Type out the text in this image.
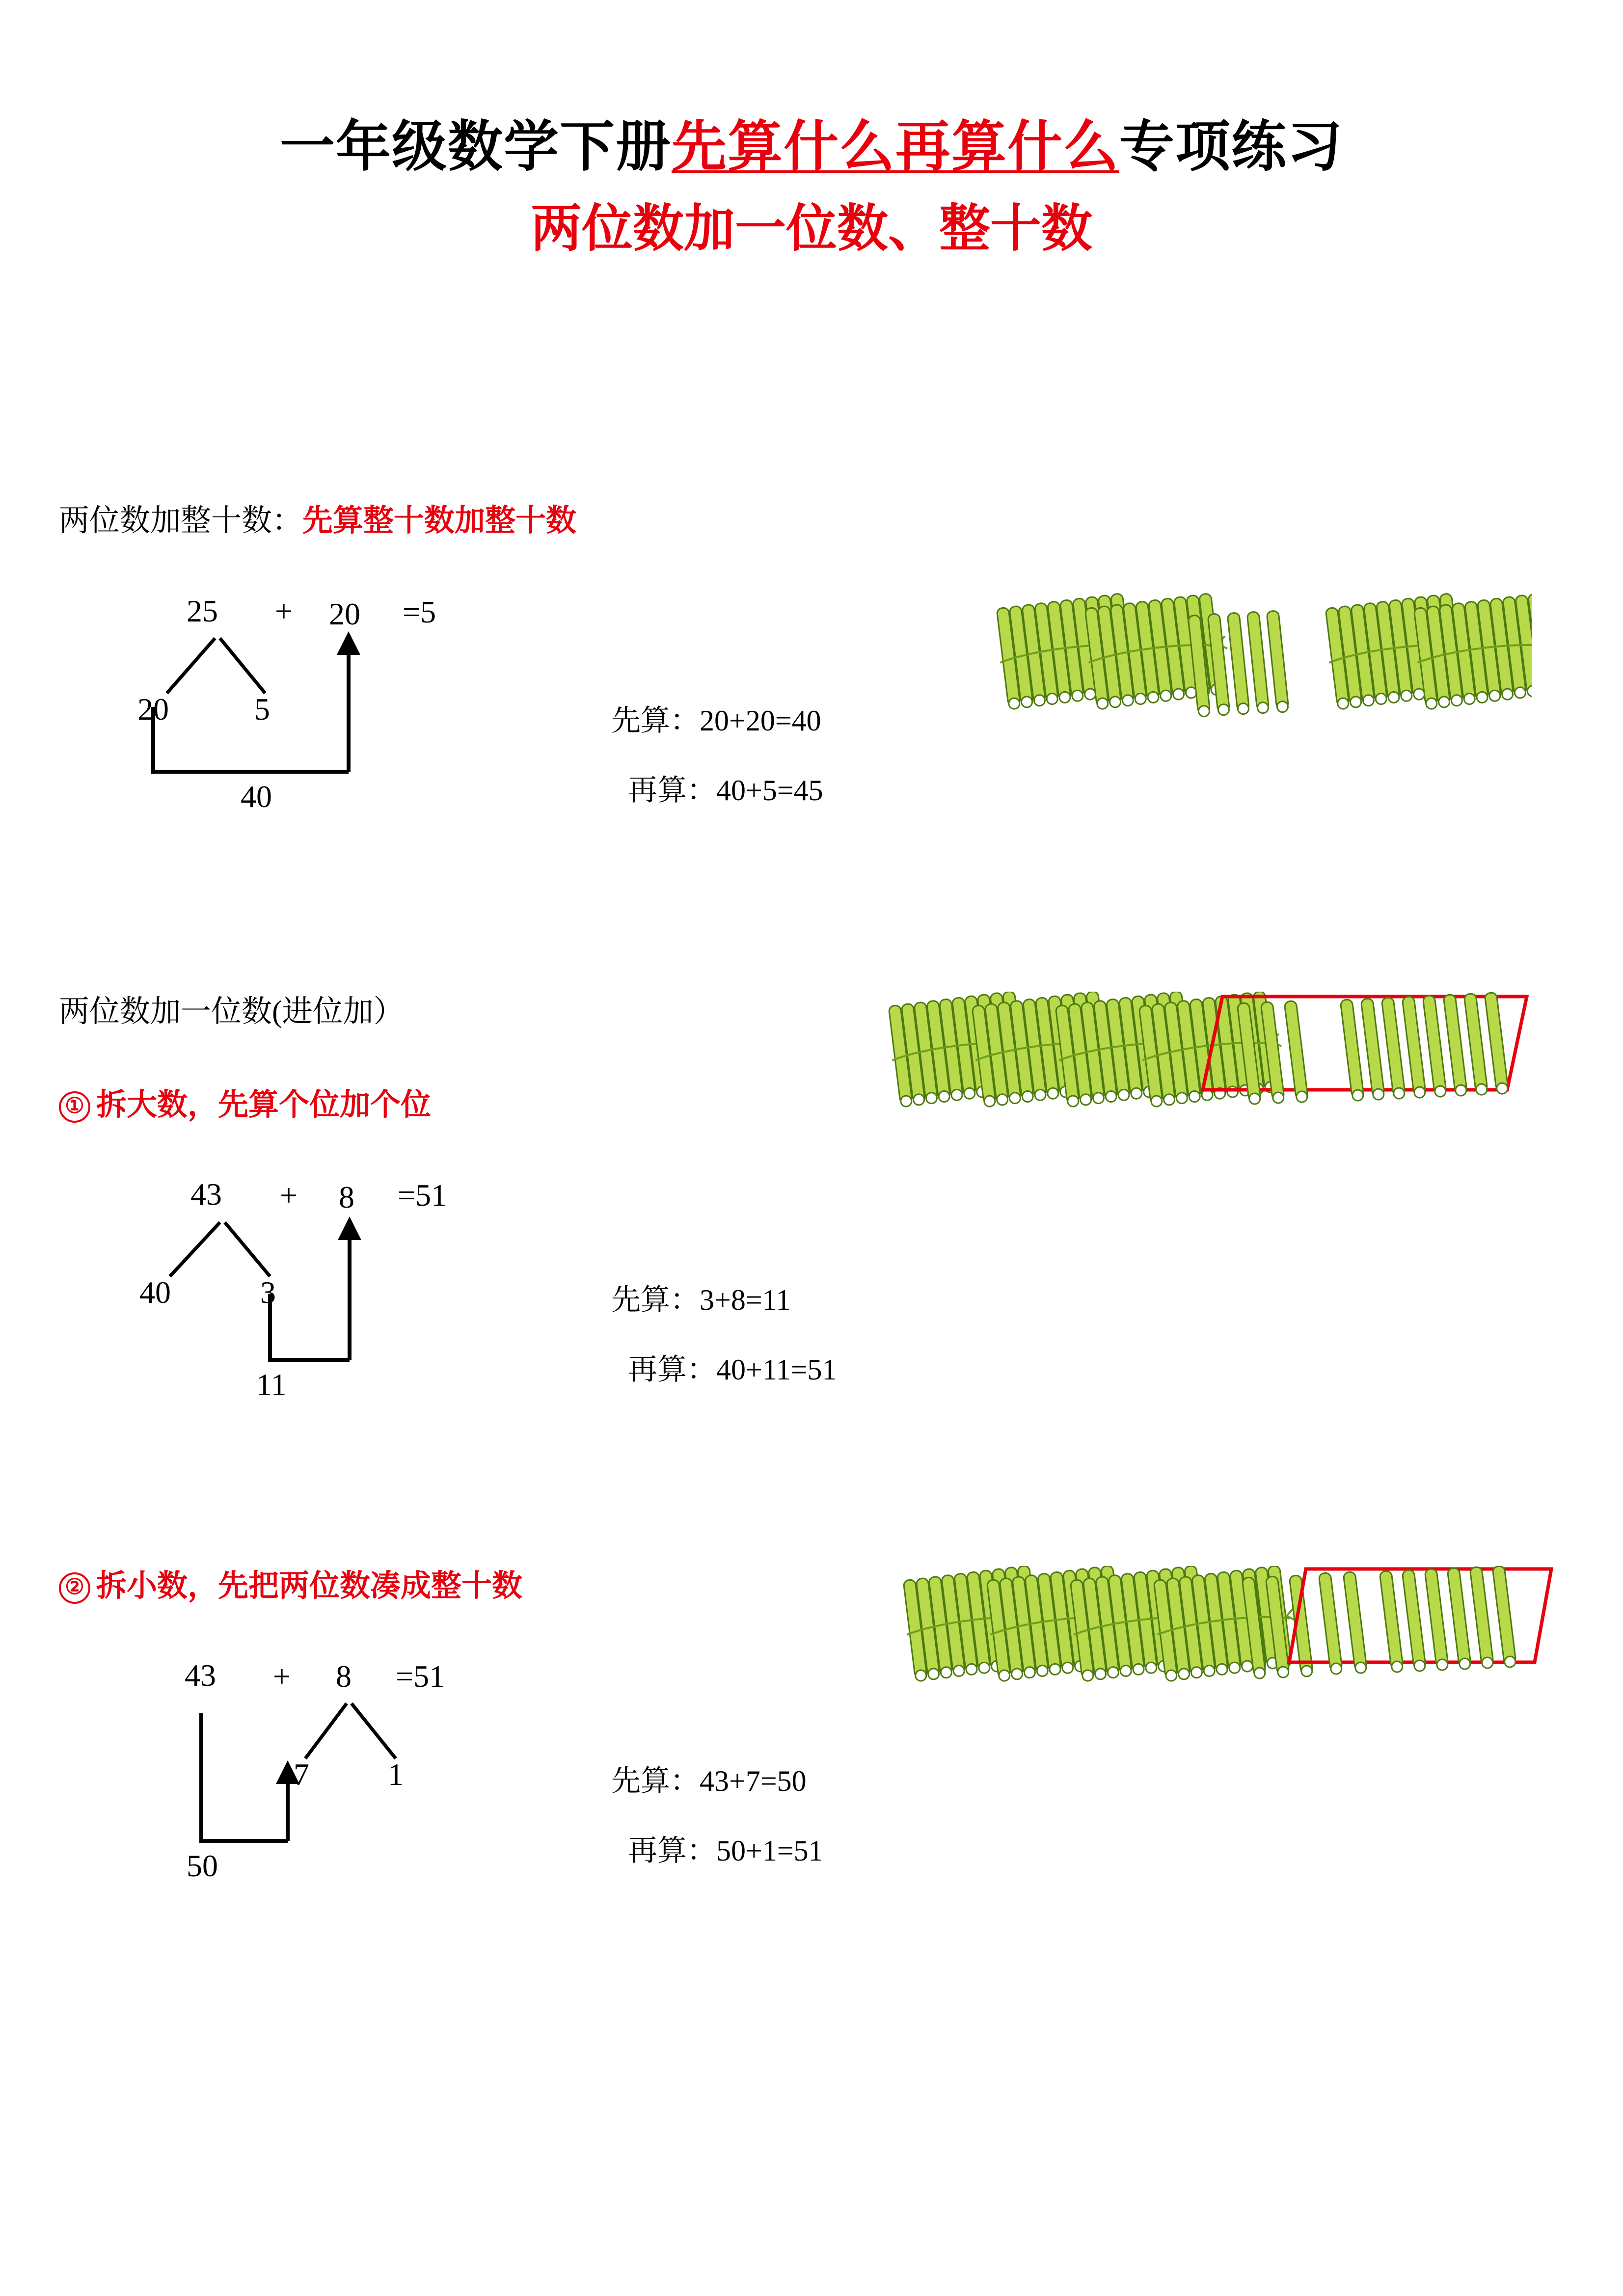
一年级数学下册先算什么再算什么专项练习
两位数加一位数、整十数
两位数加整十数：先算整十数加整十数
25 + 20 =5
20	5
40
先算：20+20=40
再算：40+5=45
两位数加一位数(进位加）
① 拆大数，先算个位加个位
43 + 8 =51
40	3
11
先算：3+8=11
再算：40+11=51
② 拆小数，先把两位数凑成整十数
43 + 8 =51
7	1
50
先算：43+7=50
再算：50+1=51
